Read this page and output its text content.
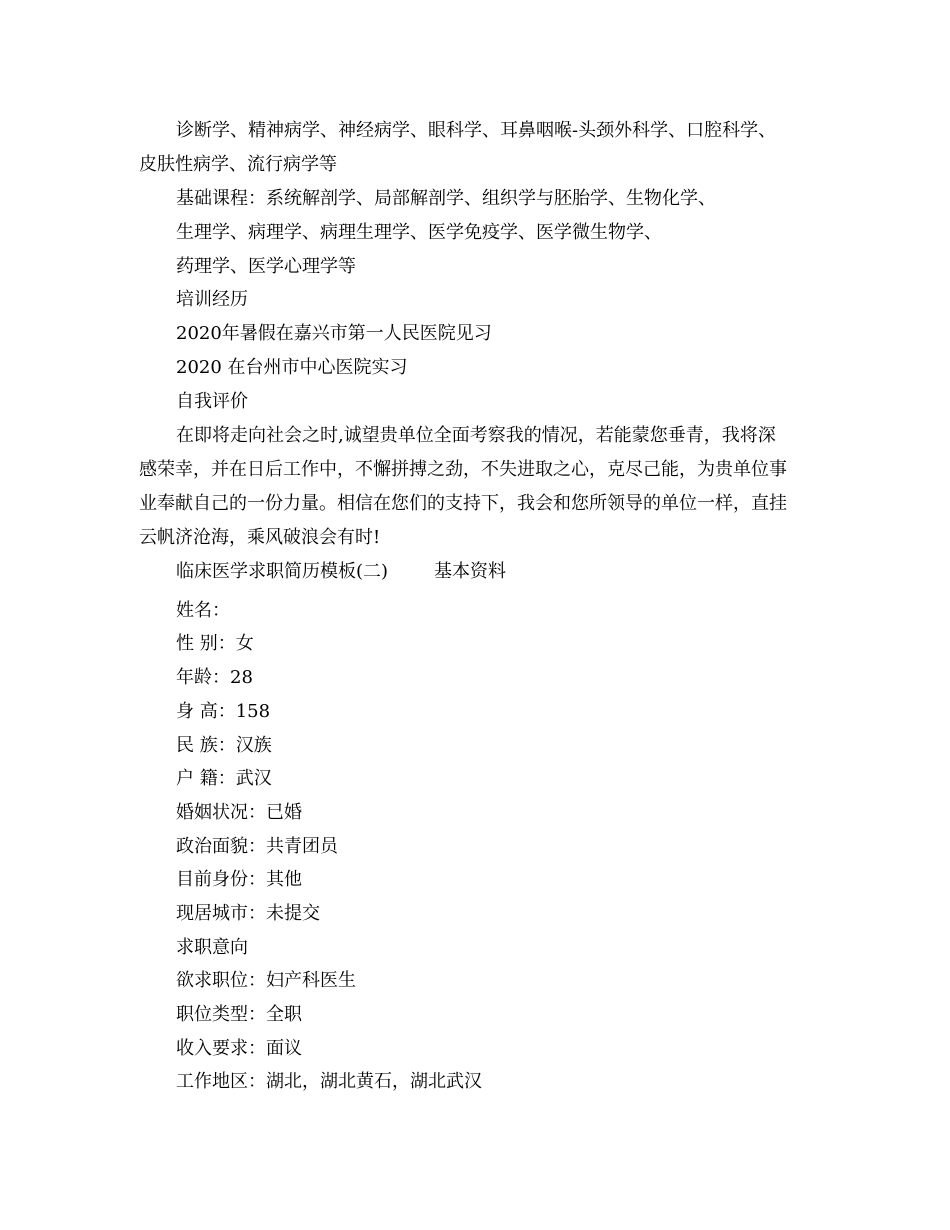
诊断学、精神病学、神经病学、眼科学、耳鼻咽喉-头颈外科学、口腔科学、
皮肤性病学、流行病学等
基础课程：系统解剖学、局部解剖学、组织学与胚胎学、生物化学、
生理学、病理学、病理生理学、医学免疫学、医学微生物学、
药理学、医学心理学等
培训经历
2020年暑假在嘉兴市第一人民医院见习
2020 在台州市中心医院实习
自我评价
在即将走向社会之时,诚望贵单位全面考察我的情况，若能蒙您垂青，我将深
感荣幸，并在日后工作中，不懈拼搏之劲，不失进取之心，克尽己能，为贵单位事
业奉献自己的一份力量。相信在您们的支持下，我会和您所领导的单位一样，直挂
云帆济沧海，乘风破浪会有时!
临床医学求职简历模板(二)	基本资料
姓名：
性 别：女
年龄：28
身 高：158
民 族：汉族
户 籍：武汉
婚姻状况：已婚
政治面貌：共青团员
目前身份：其他
现居城市：未提交
求职意向
欲求职位：妇产科医生
职位类型：全职
收入要求：面议
工作地区：湖北，湖北黄石，湖北武汉
